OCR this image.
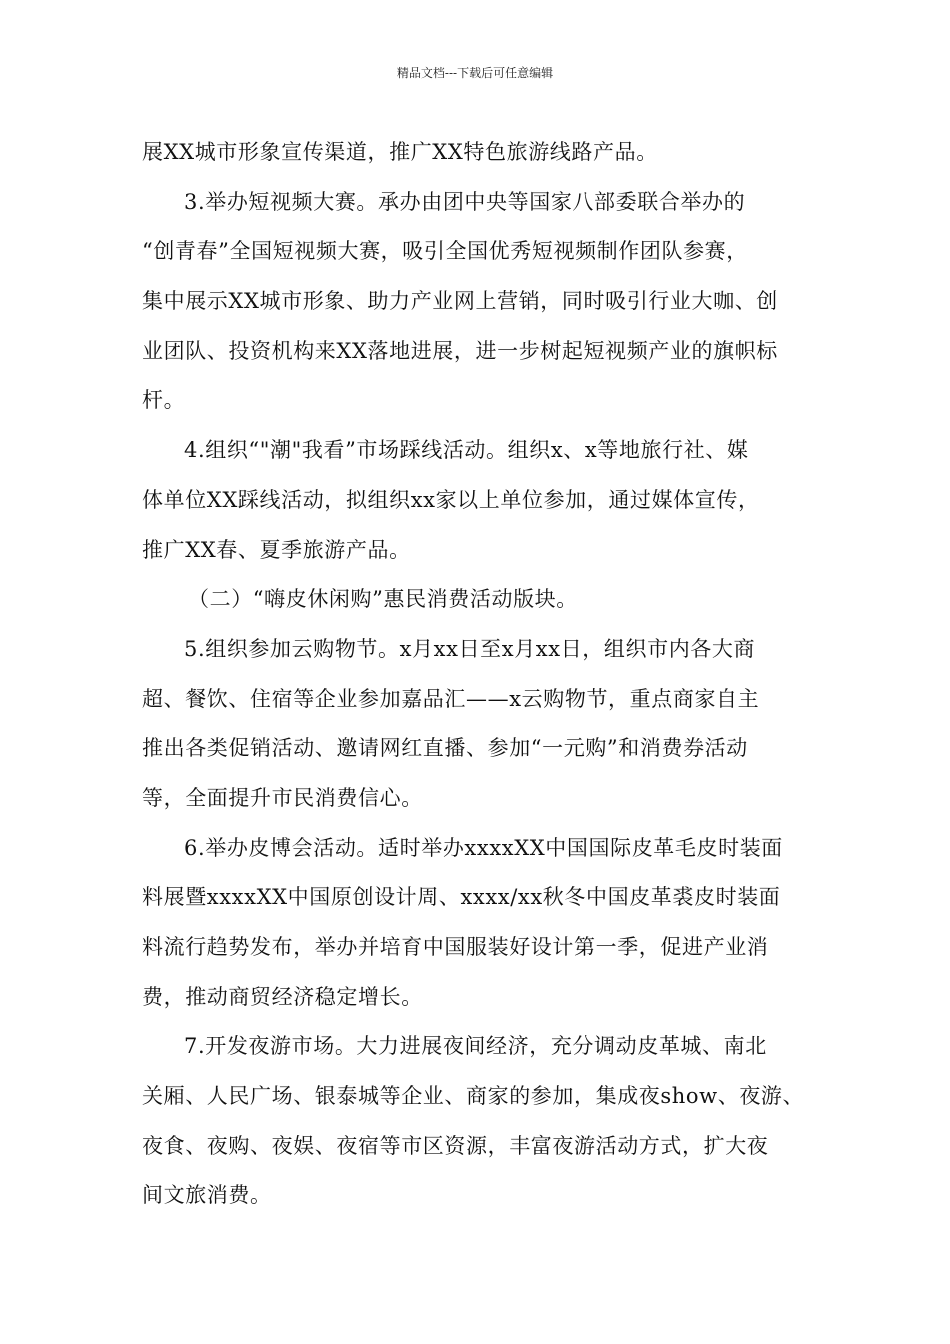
精品文档---下载后可任意编辑
展XX城市形象宣传渠道，推广XX特色旅游线路产品。
3.举办短视频大赛。承办由团中央等国家八部委联合举办的
“创青春”全国短视频大赛，吸引全国优秀短视频制作团队参赛，
集中展示XX城市形象、助力产业网上营销，同时吸引行业大咖、创
业团队、投资机构来XX落地进展，进一步树起短视频产业的旗帜标
杆。
4.组织“"潮"我看”市场踩线活动。组织x、x等地旅行社、媒
体单位XX踩线活动，拟组织xx家以上单位参加，通过媒体宣传，
推广XX春、夏季旅游产品。
（二）“嗨皮休闲购”惠民消费活动版块。
5.组织参加云购物节。x月xx日至x月xx日，组织市内各大商
超、餐饮、住宿等企业参加嘉品汇——x云购物节，重点商家自主
推出各类促销活动、邀请网红直播、参加“一元购”和消费券活动
等，全面提升市民消费信心。
6.举办皮博会活动。适时举办xxxxXX中国国际皮革毛皮时装面
料展暨xxxxXX中国原创设计周、xxxx/xx秋冬中国皮革裘皮时装面
料流行趋势发布，举办并培育中国服装好设计第一季，促进产业消
费，推动商贸经济稳定增长。
7.开发夜游市场。大力进展夜间经济，充分调动皮革城、南北
关厢、人民广场、银泰城等企业、商家的参加，集成夜show、夜游、
夜食、夜购、夜娱、夜宿等市区资源，丰富夜游活动方式，扩大夜
间文旅消费。
